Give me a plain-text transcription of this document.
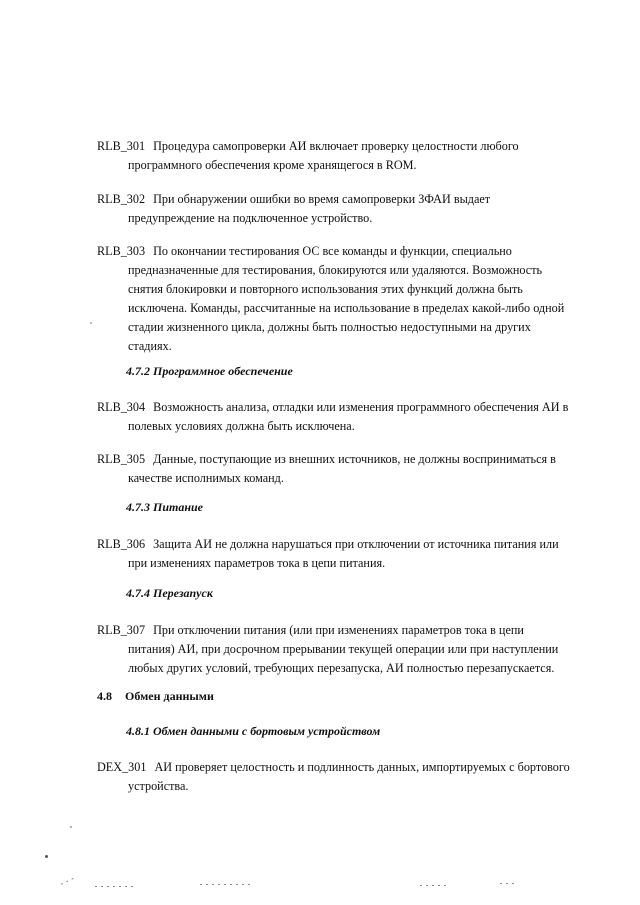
RLB_301 Процедура самопроверки АИ включает проверку целостности любого
программного обеспечения кроме хранящегося в ROM.
RLB_302 При обнаружении ошибки во время самопроверки ЗФАИ выдает
предупреждение на подключенное устройство.
RLB_303 По окончании тестирования ОС все команды и функции, специально
предназначенные для тестирования, блокируются или удаляются. Возможность
снятия блокировки и повторного использования этих функций должна быть
исключена. Команды, рассчитанные на использование в пределах какой-либо одной
стадии жизненного цикла, должны быть полностью недоступными на других
стадиях.
4.7.2 Программное обеспечение
RLB_304 Возможность анализа, отладки или изменения программного обеспечения АИ в
полевых условиях должна быть исключена.
RLB_305 Данные, поступающие из внешних источников, не должны восприниматься в
качестве исполнимых команд.
4.7.3 Питание
RLB_306 Защита АИ не должна нарушаться при отключении от источника питания или
при изменениях параметров тока в цепи питания.
4.7.4 Перезапуск
RLB_307 При отключении питания (или при изменениях параметров тока в цепи
питания) АИ, при досрочном прерывании текущей операции или при наступлении
любых других условий, требующих перезапуска, АИ полностью перезапускается.
4.8 Обмен данными
4.8.1 Обмен данными с бортовым устройством
DEX_301 АИ проверяет целостность и подлинность данных, импортируемых с бортового
устройства.
